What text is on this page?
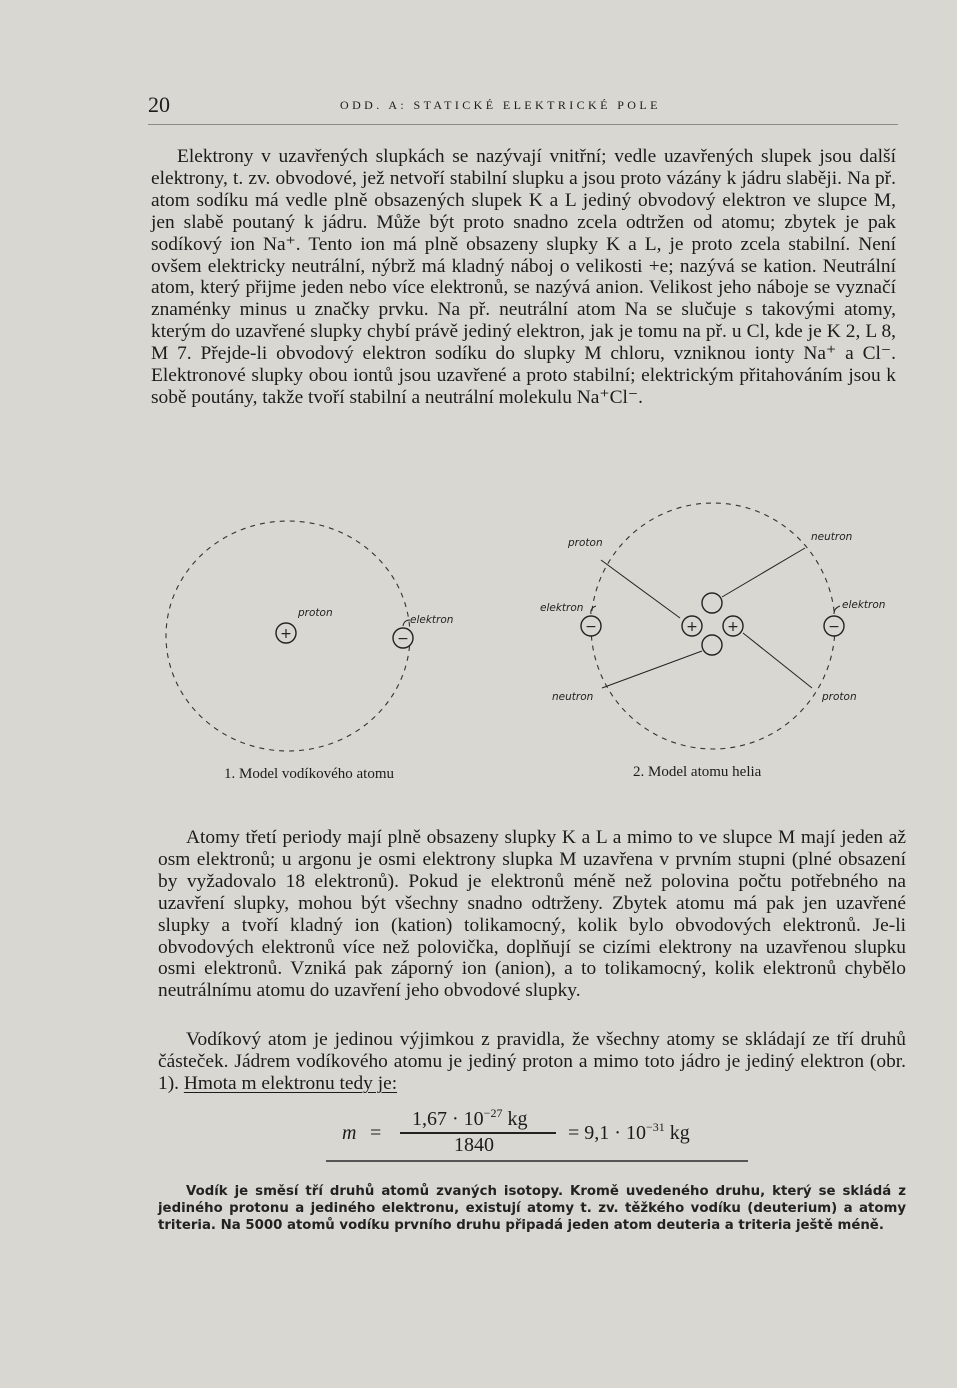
20	ODD. A: STATICKÉ ELEKTRICKÉ POLE

Elektrony v uzavřených slupkách se nazývají vnitřní; vedle uzavřených slupek jsou další elektrony, t. zv. obvodové, jež netvoří stabilní slupku a jsou proto vázány k jádru slaběji. Na př. atom sodíku má vedle plně obsazených slupek K a L jediný obvodový elektron ve slupce M, jen slabě poutaný k jádru. Může být proto snadno zcela odtržen od atomu; zbytek je pak sodíkový ion Na⁺. Tento ion má plně obsazeny slupky K a L, je proto zcela stabilní. Není ovšem elektricky neutrální, nýbrž má kladný náboj o velikosti +e; nazývá se kation. Neutrální atom, který přijme jeden nebo více elektronů, se nazývá anion. Velikost jeho náboje se vyznačí znaménky minus u značky prvku. Na př. neutrální atom Na se slučuje s takovými atomy, kterým do uzavřené slupky chybí právě jediný elektron, jak je tomu na př. u Cl, kde je K 2, L 8, M 7. Přejde-li obvodový elektron sodíku do slupky M chloru, vzniknou ionty Na⁺ a Cl⁻. Elektronové slupky obou iontů jsou uzavřené a proto stabilní; elektrickým přitahováním jsou k sobě poutány, takže tvoří stabilní a neutrální molekulu Na⁺Cl⁻.

+
proton
−
elektron	+ +
−	−
proton	neutron
elektron	elektron
neutron	proton
1. Model vodíkového atomu	2. Model atomu helia

Atomy třetí periody mají plně obsazeny slupky K a L a mimo to ve slupce M mají jeden až osm elektronů; u argonu je osmi elektrony slupka M uzavřena v prvním stupni (plné obsazení by vyžadovalo 18 elektronů). Pokud je elektronů méně než polovina počtu potřebného na uzavření slupky, mohou být všechny snadno odtrženy. Zbytek atomu má pak jen uzavřené slupky a tvoří kladný ion (kation) tolikamocný, kolik bylo obvodových elektronů. Je-li obvodových elektronů více než polovička, doplňují se cizími elektrony na uzavřenou slupku osmi elektronů. Vzniká pak záporný ion (anion), a to tolikamocný, kolik elektronů chybělo neutrálnímu atomu do uzavření jeho obvodové slupky.

Vodíkový atom je jedinou výjimkou z pravidla, že všechny atomy se skládají ze tří druhů částeček. Jádrem vodíkového atomu je jediný proton a mimo toto jádro je jediný elektron (obr. 1). Hmota m elektronu tedy je:

m =
$1,67 \cdot 10^{-27}$ kg
1840
= $9,1 \cdot 10^{-31}$ kg

Vodík je směsí tří druhů atomů zvaných isotopy. Kromě uvedeného druhu, který se skládá z jediného protonu a jediného elektronu, existují atomy t. zv. těžkého vodíku (deuterium) a atomy triteria. Na 5000 atomů vodíku prvního druhu připadá jeden atom deuteria a triteria ještě méně.
